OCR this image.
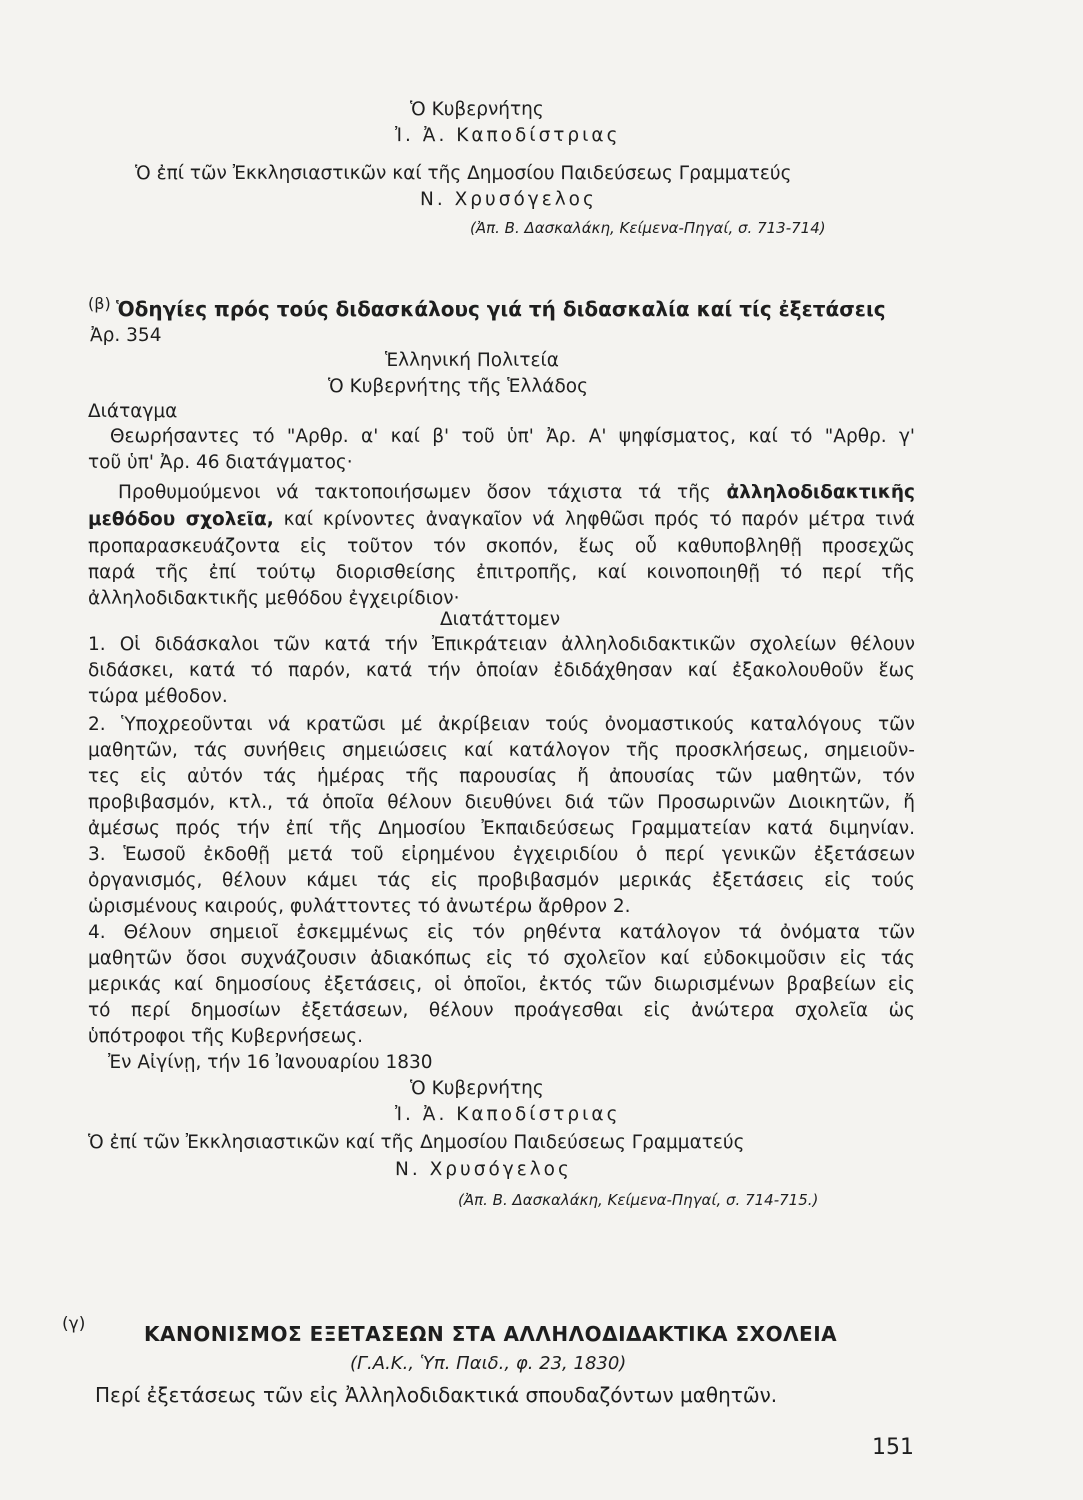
Ὁ Κυβερνήτης
Ἰ. Ἀ. Καποδίστριας
Ὁ ἐπί τῶν Ἐκκλησιαστικῶν καί τῆς Δημοσίου Παιδεύσεως Γραμματεύς
Ν. Χρυσόγελος
(Ἀπ. Β. Δασκαλάκη, Κείμενα-Πηγαί, σ. 713-714)
(β) Ὁδηγίες πρός τούς διδασκάλους γιά τή διδασκαλία καί τίς ἐξετάσεις
Ἀρ. 354
Ἑλληνική Πολιτεία
Ὁ Κυβερνήτης τῆς Ἑλλάδος
Διάταγμα
Θεωρήσαντες τό "Αρθρ. α' καί β' τοῦ ὑπ' Ἀρ. Α' ψηφίσματος, καί τό "Αρθρ. γ'
τοῦ ὑπ' Ἀρ. 46 διατάγματος·
Προθυμούμενοι νά τακτοποιήσωμεν ὅσον τάχιστα τά τῆς ἀλληλοδιδακτικῆς
μεθόδου σχολεῖα, καί κρίνοντες ἀναγκαῖον νά ληφθῶσι πρός τό παρόν μέτρα τινά
προπαρασκευάζοντα εἰς τοῦτον τόν σκοπόν, ἕως οὗ καθυποβληθῇ προσεχῶς
παρά τῆς ἐπί τούτῳ διορισθείσης ἐπιτροπῆς, καί κοινοποιηθῇ τό περί τῆς
ἀλληλοδιδακτικῆς μεθόδου ἐγχειρίδιον·
Διατάττομεν
1. Οἱ διδάσκαλοι τῶν κατά τήν Ἐπικράτειαν ἀλληλοδιδακτικῶν σχολείων θέλουν
διδάσκει, κατά τό παρόν, κατά τήν ὁποίαν ἐδιδάχθησαν καί ἐξακολουθοῦν ἕως
τώρα μέθοδον.
2. Ὑποχρεοῦνται νά κρατῶσι μέ ἀκρίβειαν τούς ὀνομαστικούς καταλόγους τῶν
μαθητῶν, τάς συνήθεις σημειώσεις καί κατάλογον τῆς προσκλήσεως, σημειοῦν-
τες εἰς αὐτόν τάς ἡμέρας τῆς παρουσίας ἤ ἀπουσίας τῶν μαθητῶν, τόν
προβιβασμόν, κτλ., τά ὁποῖα θέλουν διευθύνει διά τῶν Προσωρινῶν Διοικητῶν, ἤ
ἀμέσως πρός τήν ἐπί τῆς Δημοσίου Ἐκπαιδεύσεως Γραμματείαν κατά διμηνίαν.
3. Ἑωσοῦ ἐκδοθῇ μετά τοῦ εἰρημένου ἐγχειριδίου ὁ περί γενικῶν ἐξετάσεων
ὀργανισμός, θέλουν κάμει τάς εἰς προβιβασμόν μερικάς ἐξετάσεις εἰς τούς
ὡρισμένους καιρούς, φυλάττοντες τό ἀνωτέρω ἄρθρον 2.
4. Θέλουν σημειοῖ ἐσκεμμένως εἰς τόν ρηθέντα κατάλογον τά ὀνόματα τῶν
μαθητῶν ὅσοι συχνάζουσιν ἀδιακόπως εἰς τό σχολεῖον καί εὐδοκιμοῦσιν εἰς τάς
μερικάς καί δημοσίους ἐξετάσεις, οἱ ὁποῖοι, ἐκτός τῶν διωρισμένων βραβείων εἰς
τό περί δημοσίων ἐξετάσεων, θέλουν προάγεσθαι εἰς ἀνώτερα σχολεῖα ὡς
ὑπότροφοι τῆς Κυβερνήσεως.
Ἐν Αἰγίνῃ, τήν 16 Ἰανουαρίου 1830
Ὁ Κυβερνήτης
Ἰ. Ἀ. Καποδίστριας
Ὁ ἐπί τῶν Ἐκκλησιαστικῶν καί τῆς Δημοσίου Παιδεύσεως Γραμματεύς
Ν. Χρυσόγελος
(Ἀπ. Β. Δασκαλάκη, Κείμενα-Πηγαί, σ. 714-715.)
(γ)	ΚΑΝΟΝΙΣΜΟΣ ΕΞΕΤΑΣΕΩΝ ΣΤΑ ΑΛΛΗΛΟΔΙΔΑΚΤΙΚΑ ΣΧΟΛΕΙΑ
(Γ.Α.Κ., Ὑπ. Παιδ., φ. 23, 1830)
Περί ἐξετάσεως τῶν εἰς Ἀλληλοδιδακτικά σπουδαζόντων μαθητῶν.
151
